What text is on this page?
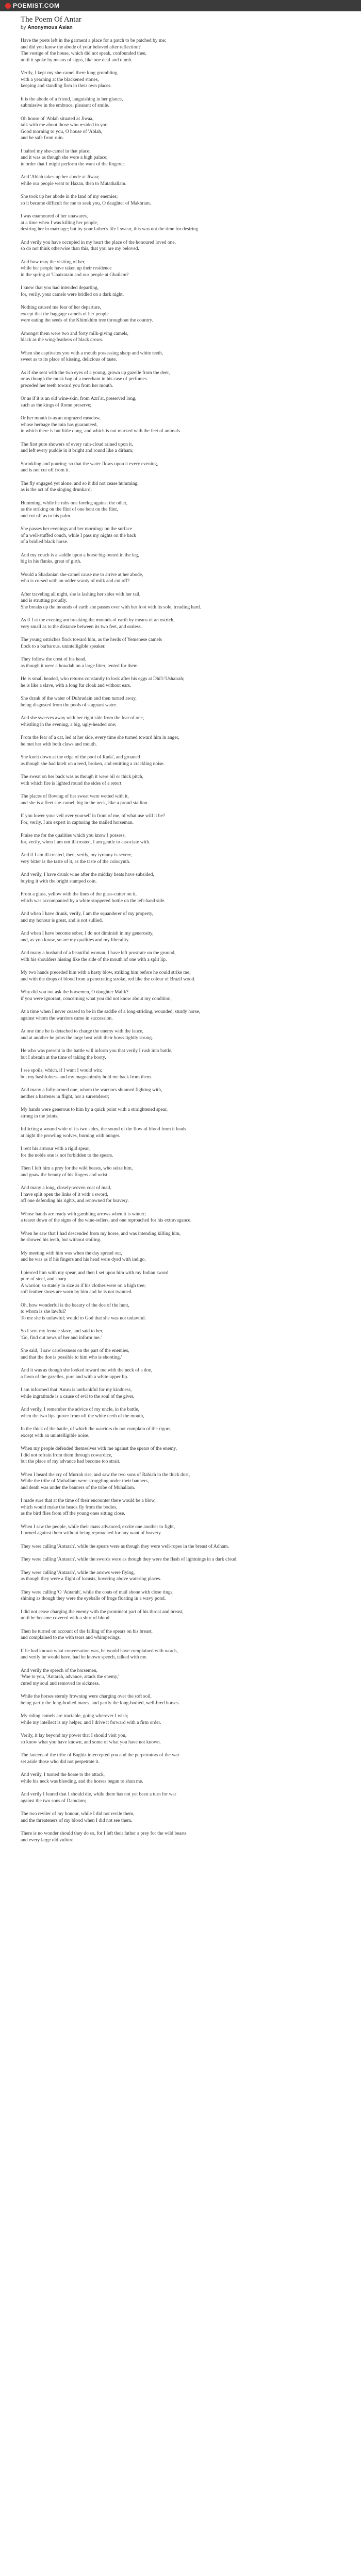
POEMIST.COM
The Poem Of Antar
by Anonymous Asian

Have the poets left in the garment a place for a patch to be patched by me;

and did you know the abode of your beloved after reflection?

The vestige of the house, which did not speak, confounded thee,

until it spoke by means of signs, like one deaf and dumb.

Verily, I kept my she-camel there long grumbling,

with a yearning at the blackened stones,

keeping and standing firm in their own places.

It is the abode of a friend, languishing in her glance,

submissive in the embrace, pleasant of smile.

Oh house of 'Ablah situated at Jiwaa,

talk with me about those who resided in you.

Good morning to you, O house of 'Ablah,

and be safe from ruin.

I halted my she-camel in that place;

and it was as though she were a high palace;

in order that I might perform the want of the lingerer.

And 'Ablah takes up her abode at Jiwaa;

while our people went to Hazan, then to Mutathallam.

She took up her abode in the land of my enemies;

so it became difficult for me to seek you, O daughter of Makhram.

I was enamoured of her unawares,

at a time when I was killing her people,

desiring her in marriage; but by your father's life I swear, this was not the time for desiring.

And verily you have occupied in my heart the place of the honoured loved one,

so do not think otherwise than this, that you are my beloved.

And how may the visiting of her,

while her people have taken up their residence

in the spring at 'Unaizatain and our people at Ghailam?

I knew that you had intended departing,

for, verily, your camels were bridled on a dark night.

Nothing caused me fear of her departure,

except that the baggage camels of her people

were eating the seeds of the Khimkhim tree throughout the country.

Amongst them were two and forty milk-giving camels,

black as the wing-feathers of black crows.

When she captivates you with a mouth possessing sharp and white teeth,

sweet as to its place of kissing, delicious of taste.

As if she sent with the two eyes of a young, grown up gazelle from the deer,

or as though the musk bag of a merchant in his case of perfumes

preceded her teeth toward you from her mouth.

Or as if it is an old wine-skin, from Azri'at, preserved long,

such as the kings of Rome preserve;

Or her mouth is as an ungrazed meadow,

whose herbage the rain has guaranteed,

in which there is but little dung, and which is not marked with the feet of animals.

The first pure showers of every rain-cloud rained upon it,

and left every puddle in it bright and round like a dirham;

Sprinkling and pouring; so that the water flows upon it every evening,

and is not cut off from it.

The fly engaged yet alone, and so it did not cease humming,

as is the act of the singing drunkard;

Humming, while he rubs one foreleg against the other,

as the striking on the flint of one bent on the flint,

and cut off as to his palm.

She passes her evenings and her mornings on the surface

of a well-stuffed couch, while I pass my nights on the back

of a bridled black horse.

And my couch is a saddle upon a horse big-boned in the leg,

big in his flanks, great of girth.

Would a Shadanian she-camel cause me to arrive at her abode,

who is cursed with an udder scanty of milk and cut off?

After traveling all night, she is lashing her sides with her tail,

and is strutting proudly.

She breaks up the mounds of earth she passes over with her foot with its sole, treading hard.

As if I at the evening am breaking the mounds of earth by means of an ostrich,

very small as to the distance between its two feet, and earless.

The young ostriches flock toward him, as the herds of Yemenese camels

flock to a barbarous, unintelligible speaker.

They follow the crest of his head,

as though it were a howdah on a large litter, tented for them.

He is small headed, who returns constantly to look after his eggs at Dhi'l-'Ushairah;

he is like a slave, with a long fur cloak and without ears.

She drank of the water of Duhrudain and then turned away,

being disgusted from the pools of stagnant water.

And she swerves away with her right side from the fear of one,

whistling in the evening, a big, ugly-headed one;

From the fear of a cat, led at her side, every time she turned toward him in anger,

he met her with both claws and mouth.

She knelt down at the edge of the pool of Rada', and groaned

as though she had knelt on a reed, broken, and emitting a crackling noise.

The sweat on her back was as though it were oil or thick pitch,

with which fire is lighted round the sides of a retort.

The places of flowing of her sweat were wetted with it,

and she is a fleet she-camel, big in the neck, like a proud stallion.

If you lower your veil over yourself in front of me, of what use will it be?

For, verily, I am expert in capturing the mailed horseman.

Praise me for the qualities which you know I possess,

for, verily, when I am not ill-treated, I am gentle to associate with.

And if I am ill-treated, then, verily, my tyranny is severe,

very bitter is the taste of it, as the taste of the colocynth.

And verily, I have drunk wine after the midday heats have subsided,

buying it with the bright stamped coin.

From a glass, yellow with the lines of the glass-cutter on it,

which was accompanied by a white stoppered bottle on the left-hand side.

And when I have drunk, verily, I am the squanderer of my property,

and my honour is great, and is not sullied.

And when I have become sober, I do not diminish in my generosity,

and, as you know, so are my qualities and my liberality.

And many a husband of a beautiful woman, I have left prostrate on the ground,

with his shoulders hissing like the side of the mouth of one with a split lip.

My two hands preceded him with a hasty blow, striking him before he could strike me;

and with the drops of blood from a penetrating stroke, red like the colour of Brazil wood.

Why did you not ask the horsemen, O daughter Malik?

if you were ignorant, concerning what you did not know about my condition,

At a time when I never ceased to be in the saddle of a long-striding, wounded, sturdy horse,

against whom the warriors came in succession.

At one time he is detached to charge the enemy with the lance,

and at another he joins the large host with their bows tightly strung.

He who was present in the battle will inform you that verily I rush into battle,

but I abstain at the time of taking the booty.

I see spoils, which, if I want I would win;

but my bashfulness and my magnanimity hold me back from them.

And many a fully-armed one, whom the warriors shunned fighting with,

neither a hastener in flight, nor a surrenderer;

My hands were generous to him by a quick point with a straightened spear,

strong in the joints;

Inflicting a wound wide of its two sides, the sound of the flow of blood from it leads

at night the prowling wolves, burning with hunger.

I rent his armour with a rigid spear,

for the noble one is not forbidden to the spears.

Then I left him a prey for the wild beasts, who seize him,

and gnaw the beauty of his fingers and wrist.

And many a long, closely-woven coat of mail,

I have split open the links of it with a sword,

off one defending his rights, and renowned for bravery.

Whose hands are ready with gambling arrows when it is winter;

a tearer down of the signs of the wine-sellers, and one reproached for his extravagance.

When he saw that I had descended from my horse, and was intending killing him,

he showed his teeth, but without smiling.

My meeting with him was when the day spread out,

and he was as if his fingers and his head were dyed with indigo.

I pierced him with my spear, and then I set upon him with my Indian sword

pure of steel, and sharp.

A warrior, so stately in size as if his clothes were on a high tree;

soft leather shoes are worn by him and he is not twinned.

Oh, how wonderful is the beauty of the doe of the hunt,

to whom is she lawful?

To me she is unlawful; would to God that she was not unlawful.

So I sent my female slave, and said to her,

'Go, find out news of her and inform me.'

She said, 'I saw carelessness on the part of the enemies,

and that the doe is possible to him who is shooting.'

And it was as though she looked toward me with the neck of a doe,

a fawn of the gazelles, pure and with a white upper lip.

I am informed that 'Amru is unthankful for my kindness,

while ingratitude is a cause of evil to the soul of the giver.

And verily, I remember the advice of my uncle, in the battle,

when the two lips quiver from off the white teeth of the mouth,

In the thick of the battle, of which the warriors do not complain of the rigors,

except with an unintelligible noise.

When my people defended themselves with me against the spears of the enemy,

I did not refrain from them through cowardice,

but the place of my advance had become too strait.

When I heard the cry of Murrah rise, and saw the two sons of Rabiah in the thick dust,

While the tribe of Muhallam were struggling under their banners,

and death was under the banners of the tribe of Muhallam.

I made sure that at the time of their encounter there would be a blow,

which would make the heads fly from the bodies,

as the bird flies from off the young ones sitting close.

When I saw the people, while their mass advanced, excite one another to fight,

I turned against them without being reproached for any want of bravery.

They were calling 'Antarah', while the spears were as though they were well-ropes in the breast of Adham.

They were calling 'Antarah', while the swords were as though they were the flash of lightnings in a dark cloud.

They were calling 'Antarah', while the arrows were flying,

as though they were a flight of locusts, hovering above watering places.

They were calling 'O 'Antarah', while the coats of mail shone with close rings,

shining as though they were the eyeballs of frogs floating in a wavy pond.

I did not cease charging the enemy with the prominent part of his throat and breast,

until he became covered with a shirt of blood.

Then he turned on account of the falling of the spears on his breast,

and complained to me with tears and whimperings.

If he had known what conversation was, he would have complained with words,

and verily he would have, had he known speech, talked with me.

And verily the speech of the horsemen,

'Woe to you, 'Antarah, advance, attack the enemy,'

cured my soul and removed its sickness.

While the horses sternly frowning were charging over the soft soil,

being partly the long-bodied mares, and partly the long-bodied, well-bred horses.

My riding camels are tractable, going wherever I wish;

while my intellect is my helper, and I drive it forward with a firm order.

Verily, it lay beyond my power that I should visit you,

so know what you have known, and some of what you have not known.

The lancers of the tribe of Baghiz intercepted you and the perpetrators of the war

set aside those who did not perpetrate it.

And verily, I turned the horse to the attack,

while his neck was bleeding, and the horses began to shun me.

And verily I feared that I should die, while there has not yet been a turn for war

against the two sons of Damdam;

The two reviler of my honour, while I did not revile them,

and the threateners of my blood when I did not see them.

There is no wonder should they do so, for I left their father a prey for the wild beasts

and every large old vulture.
